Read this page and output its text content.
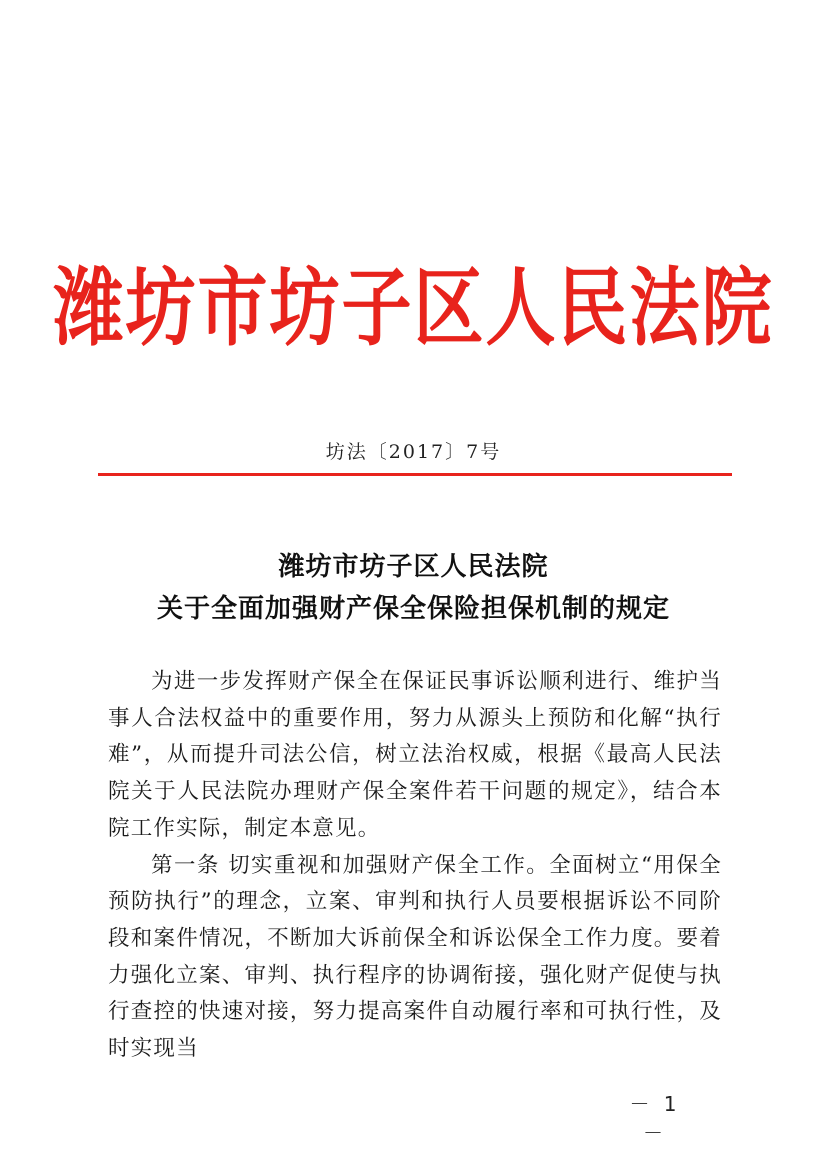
潍坊市坊子区人民法院
坊法〔2017〕7号
潍坊市坊子区人民法院
关于全面加强财产保全保险担保机制的规定

为进一步发挥财产保全在保证民事诉讼顺利进行、维护当事人合法权益中的重要作用，努力从源头上预防和化解“执行难”，从而提升司法公信，树立法治权威，根据《最高人民法院关于人民法院办理财产保全案件若干问题的规定》，结合本院工作实际，制定本意见。

第一条 切实重视和加强财产保全工作。全面树立“用保全预防执行”的理念，立案、审判和执行人员要根据诉讼不同阶段和案件情况，不断加大诉前保全和诉讼保全工作力度。要着力强化立案、审判、执行程序的协调衔接，强化财产促使与执行查控的快速对接，努力提高案件自动履行率和可执行性，及时实现当

－ 1 －
